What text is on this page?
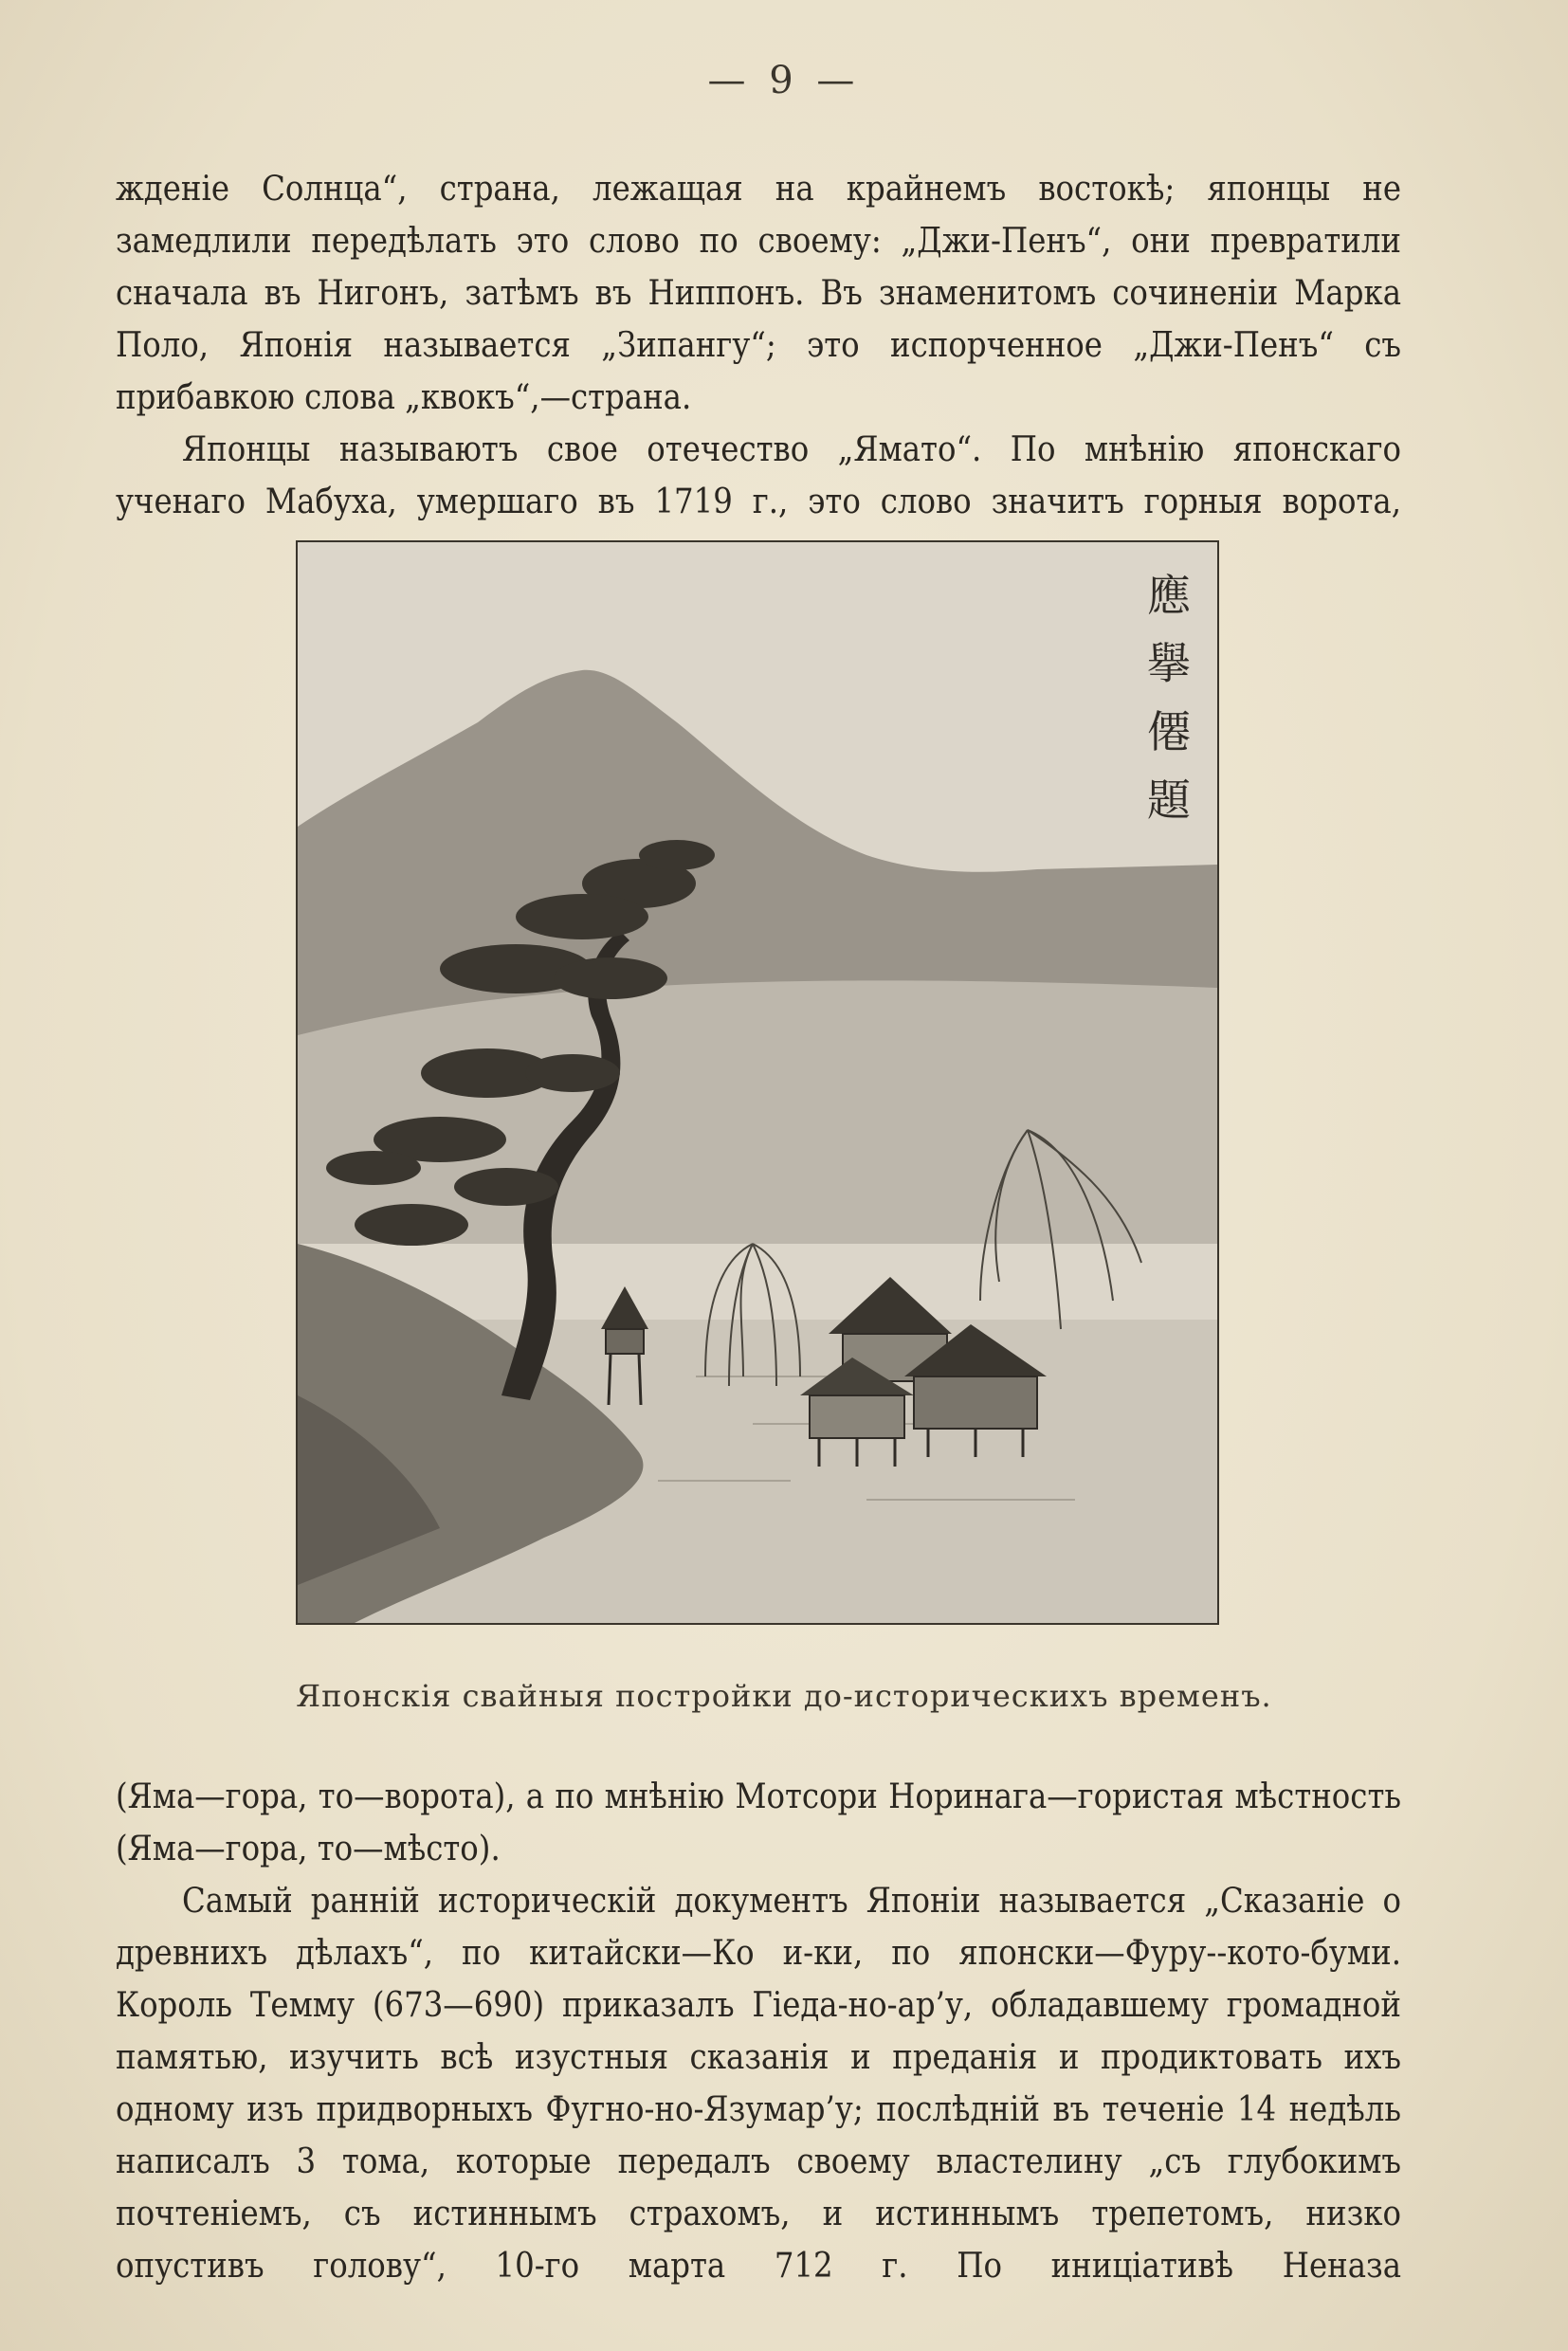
— 9 —

жденіе Солнца“, страна, лежащая на крайнемъ востокѣ; японцы не замедлили передѣлать это слово по своему: „Джи-Пенъ“, они превратили сначала въ Нигонъ, затѣмъ въ Ниппонъ. Въ знаменитомъ сочиненіи Марка Поло, Японія называется „Зипангу“; это испорченное „Джи-Пенъ“ съ прибавкою слова „квокъ“,—страна.

Японцы называютъ свое отечество „Ямато“. По мнѣнію японскаго ученаго Мабуха, умершаго въ 1719 г., это слово значитъ горныя ворота,

應擧僊題
Японскія свайныя постройки до-историческихъ временъ.

(Яма—гора, то—ворота), а по мнѣнію Мотсори Норинага—гористая мѣстность (Яма—гора, то—мѣсто).

Самый ранній историческій документъ Японіи называется „Сказаніе о древнихъ дѣлахъ“, по китайски—Ко и-ки, по японски—Фуру--кото-буми. Король Темму (673—690) приказалъ Гіеда-но-ар’у, обладавшему громадной памятью, изучить всѣ изустныя сказанія и преданія и продиктовать ихъ одному изъ придворныхъ Фугно-но-Язумар’у; послѣдній въ теченіе 14 недѣль написалъ 3 тома, которые передалъ своему властелину „съ глубокимъ почтеніемъ, съ истиннымъ страхомъ, и истиннымъ трепетомъ, низко опустивъ голову“, 10-го марта 712 г. По иниціативѣ Неназа
